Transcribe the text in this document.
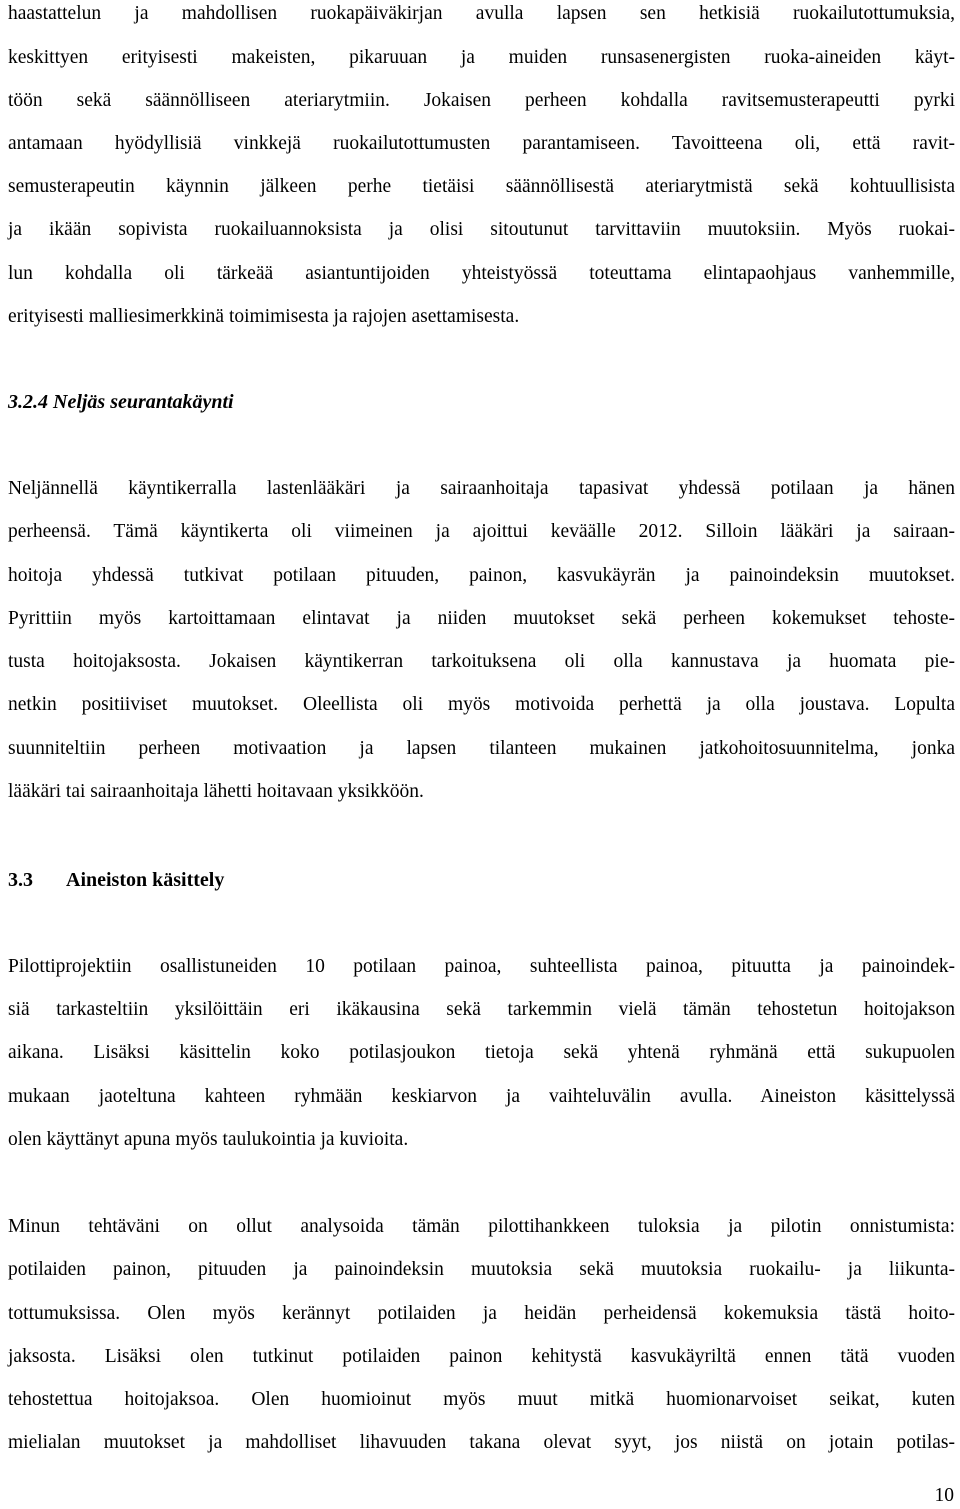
haastattelun ja mahdollisen ruokapäiväkirjan avulla lapsen sen hetkisiä ruokailutottumuksia,
keskittyen erityisesti makeisten, pikaruuan ja muiden runsasenergisten ruoka-aineiden käyt-
töön sekä säännölliseen ateriarytmiin. Jokaisen perheen kohdalla ravitsemusterapeutti pyrki
antamaan hyödyllisiä vinkkejä ruokailutottumusten parantamiseen. Tavoitteena oli, että ravit-
semusterapeutin käynnin jälkeen perhe tietäisi säännöllisestä ateriarytmistä sekä kohtuullisista
ja ikään sopivista ruokailuannoksista ja olisi sitoutunut tarvittaviin muutoksiin. Myös ruokai-
lun kohdalla oli tärkeää asiantuntijoiden yhteistyössä toteuttama elintapaohjaus vanhemmille,
erityisesti malliesimerkkinä toimimisesta ja rajojen asettamisesta.
3.2.4 Neljäs seurantakäynti
Neljännellä käyntikerralla lastenlääkäri ja sairaanhoitaja tapasivat yhdessä potilaan ja hänen
perheensä. Tämä käyntikerta oli viimeinen ja ajoittui keväälle 2012. Silloin lääkäri ja sairaan-
hoitoja yhdessä tutkivat potilaan pituuden, painon, kasvukäyrän ja painoindeksin muutokset.
Pyrittiin myös kartoittamaan elintavat ja niiden muutokset sekä perheen kokemukset tehoste-
tusta hoitojaksosta. Jokaisen käyntikerran tarkoituksena oli olla kannustava ja huomata pie-
netkin positiiviset muutokset. Oleellista oli myös motivoida perhettä ja olla joustava. Lopulta
suunniteltiin perheen motivaation ja lapsen tilanteen mukainen jatkohoitosuunnitelma, jonka
lääkäri tai sairaanhoitaja lähetti hoitavaan yksikköön.
3.3 Aineiston käsittely
Pilottiprojektiin osallistuneiden 10 potilaan painoa, suhteellista painoa, pituutta ja painoindek-
siä tarkasteltiin yksilöittäin eri ikäkausina sekä tarkemmin vielä tämän tehostetun hoitojakson
aikana. Lisäksi käsittelin koko potilasjoukon tietoja sekä yhtenä ryhmänä että sukupuolen
mukaan jaoteltuna kahteen ryhmään keskiarvon ja vaihteluvälin avulla. Aineiston käsittelyssä
olen käyttänyt apuna myös taulukointia ja kuvioita.
Minun tehtäväni on ollut analysoida tämän pilottihankkeen tuloksia ja pilotin onnistumista:
potilaiden painon, pituuden ja painoindeksin muutoksia sekä muutoksia ruokailu- ja liikunta-
tottumuksissa. Olen myös kerännyt potilaiden ja heidän perheidensä kokemuksia tästä hoito-
jaksosta. Lisäksi olen tutkinut potilaiden painon kehitystä kasvukäyriltä ennen tätä vuoden
tehostettua hoitojaksoa. Olen huomioinut myös muut mitkä huomionarvoiset seikat, kuten
mielialan muutokset ja mahdolliset lihavuuden takana olevat syyt, jos niistä on jotain potilas-
10
